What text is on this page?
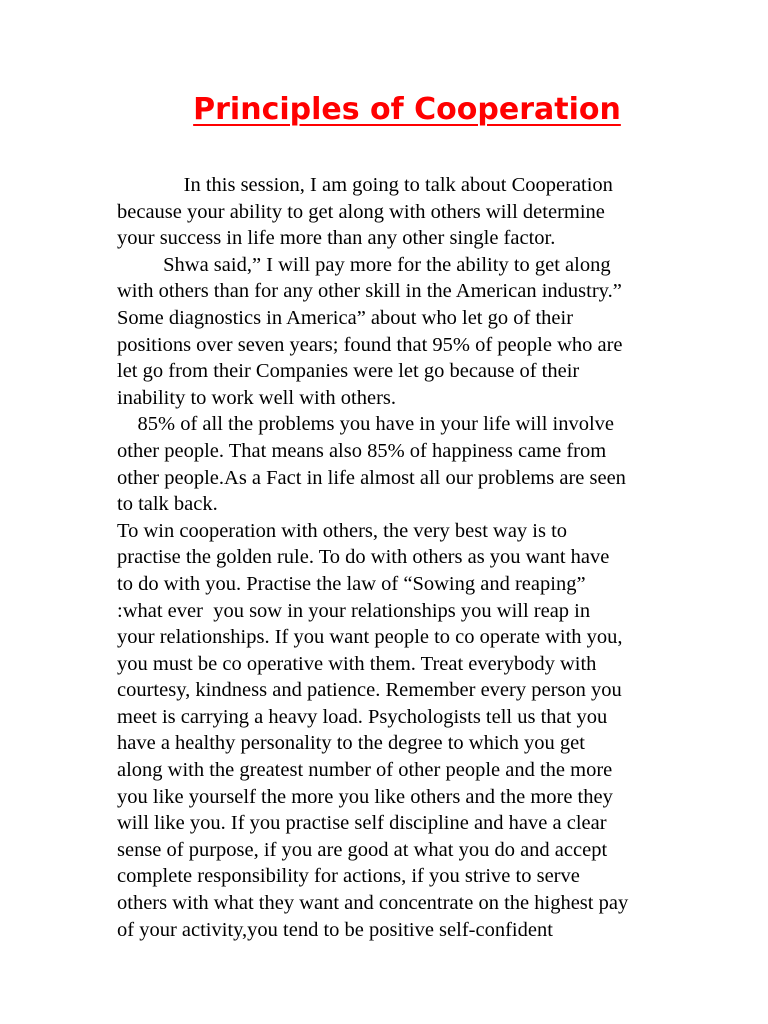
Principles of Cooperation
In this session, I am going to talk about Cooperation
because your ability to get along with others will determine
your success in life more than any other single factor.
Shwa said,” I will pay more for the ability to get along
with others than for any other skill in the American industry.”
Some diagnostics in America” about who let go of their
positions over seven years; found that 95% of people who are
let go from their Companies were let go because of their
inability to work well with others.
85% of all the problems you have in your life will involve
other people. That means also 85% of happiness came from
other people.As a Fact in life almost all our problems are seen
to talk back.
To win cooperation with others, the very best way is to
practise the golden rule. To do with others as you want have
to do with you. Practise the law of “Sowing and reaping”
:what ever  you sow in your relationships you will reap in
your relationships. If you want people to co operate with you,
you must be co operative with them. Treat everybody with
courtesy, kindness and patience. Remember every person you
meet is carrying a heavy load. Psychologists tell us that you
have a healthy personality to the degree to which you get
along with the greatest number of other people and the more
you like yourself the more you like others and the more they
will like you. If you practise self discipline and have a clear
sense of purpose, if you are good at what you do and accept
complete responsibility for actions, if you strive to serve
others with what they want and concentrate on the highest pay
of your activity,you tend to be positive self-confident
